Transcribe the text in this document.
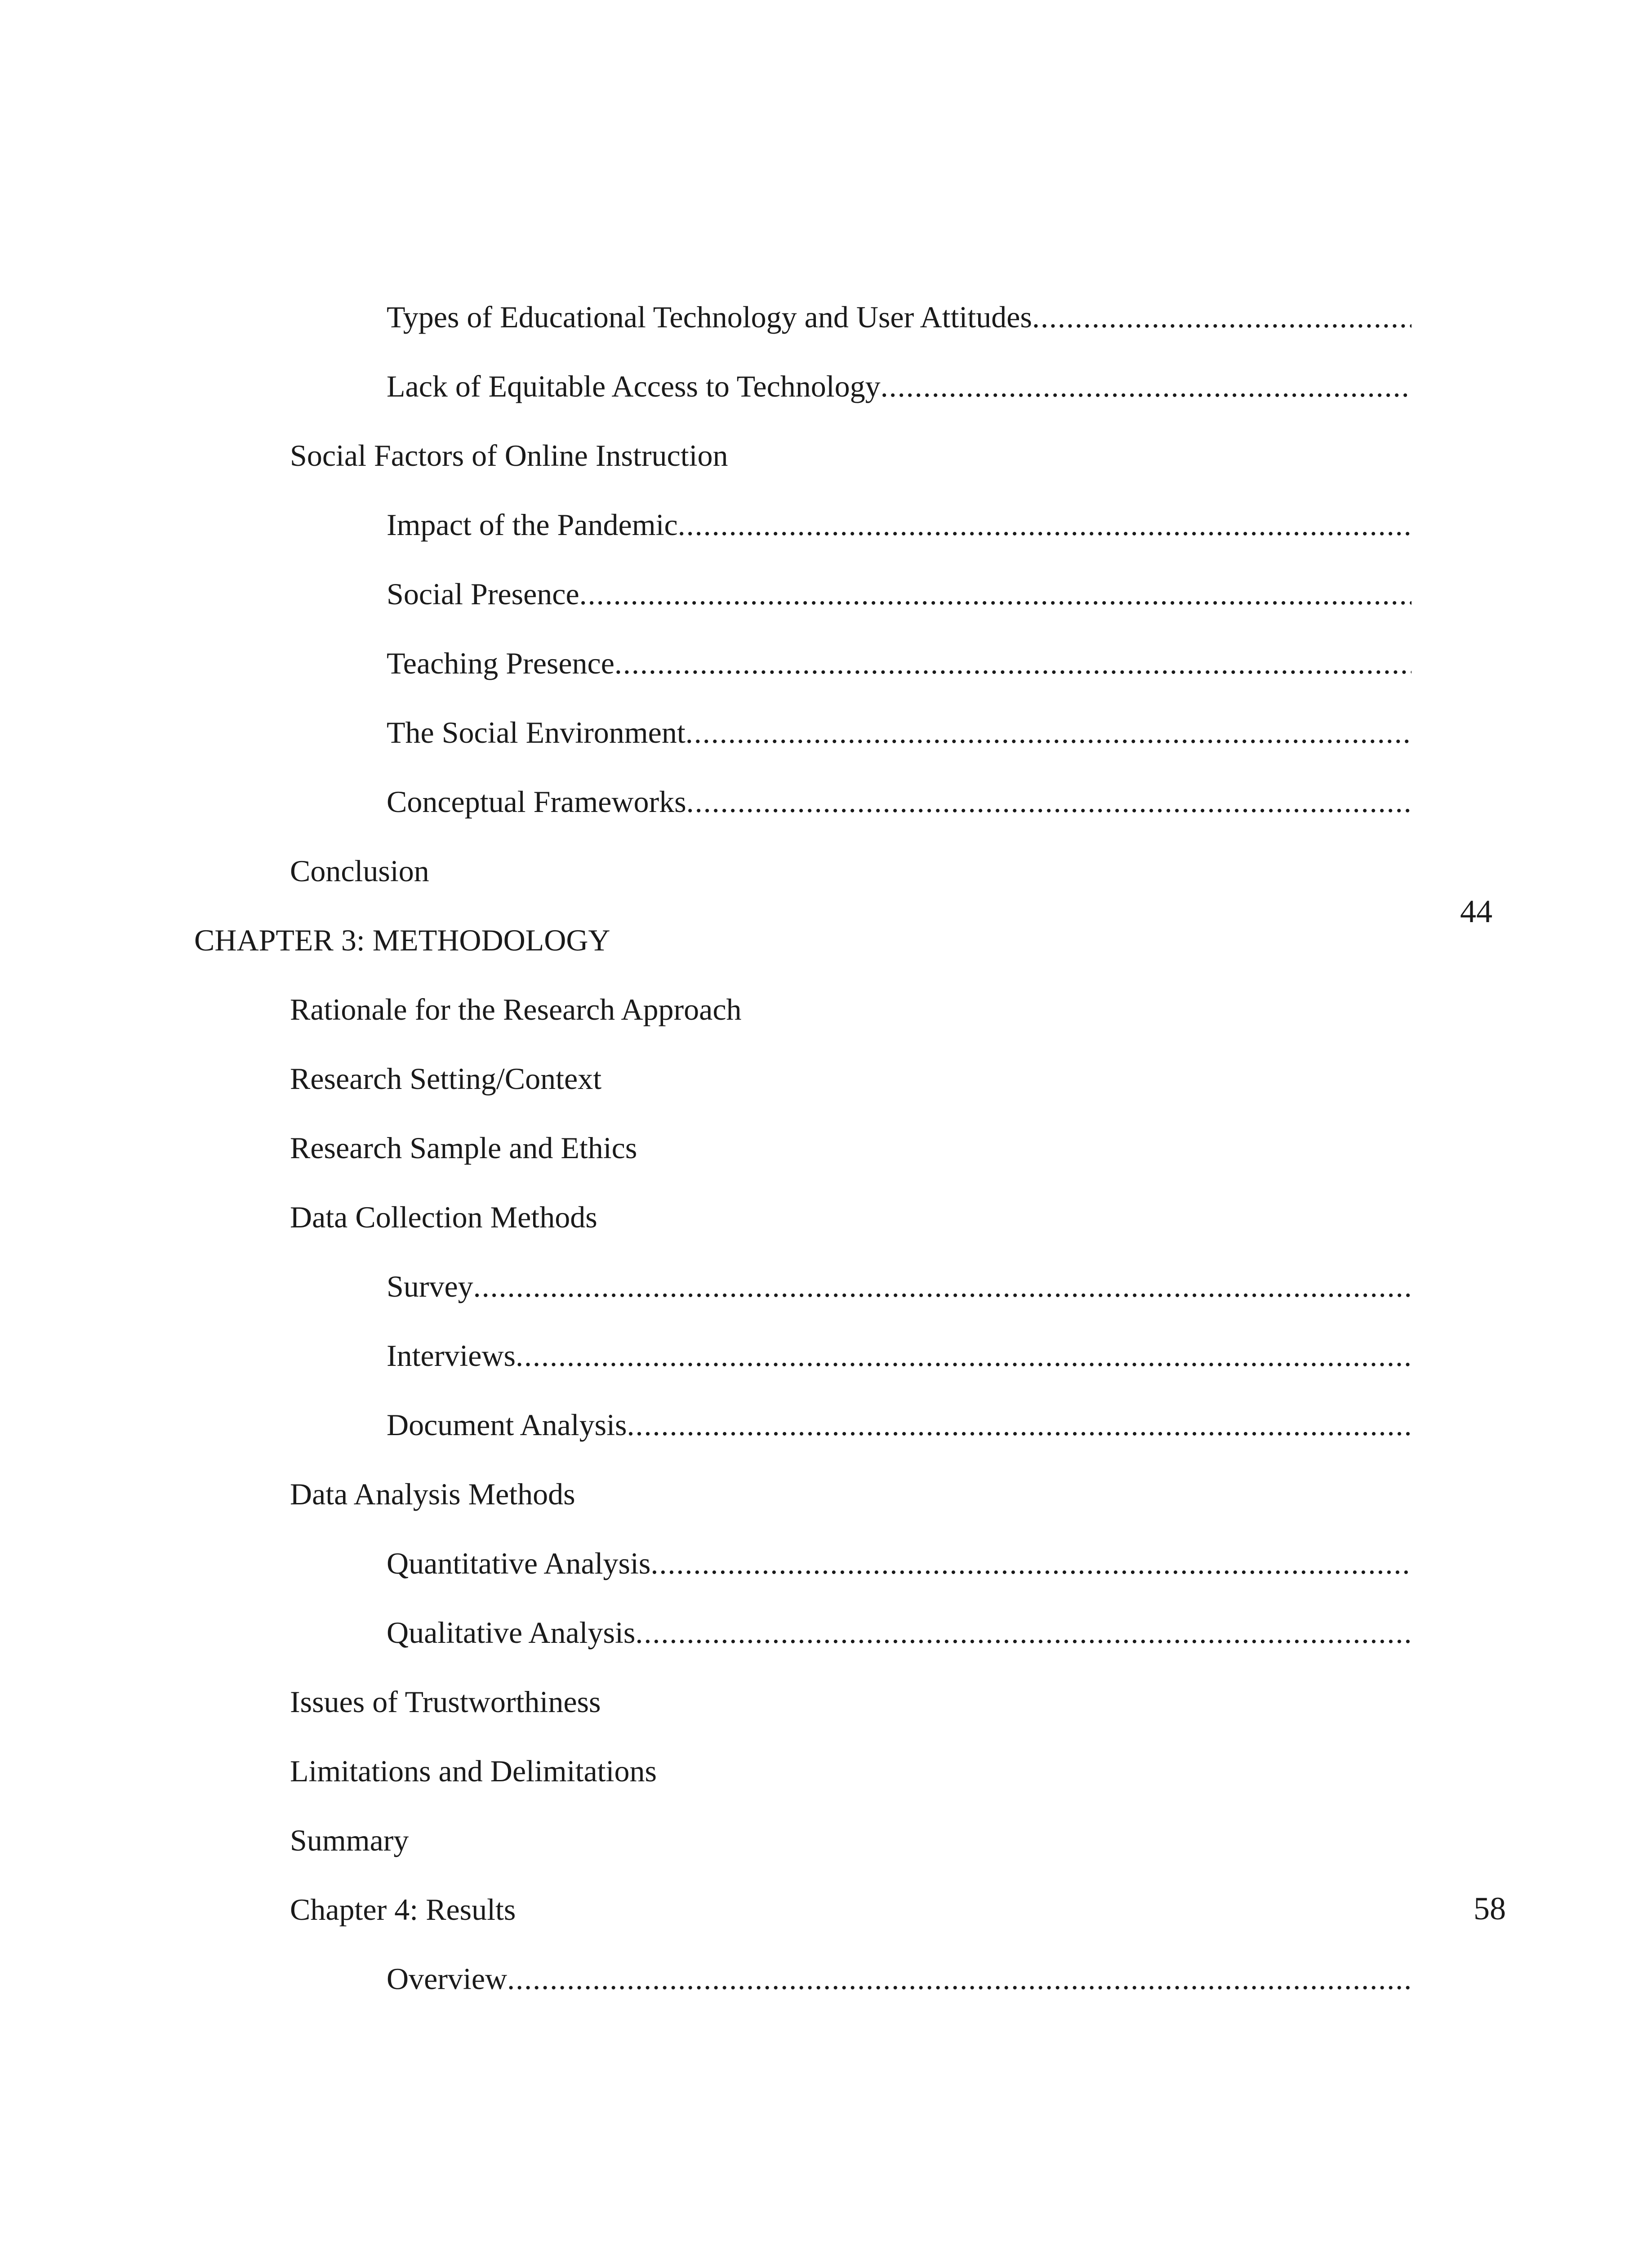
Types of Educational Technology and User Attitudes
.....
Lack of Equitable Access to Technology
.....
Social Factors of Online Instruction
Impact of the Pandemic
.....
Social Presence
.....
Teaching Presence
.....
The Social Environment
.....
Conceptual Frameworks
.....
Conclusion
CHAPTER 3: METHODOLOGY
Rationale for the Research Approach
Research Setting/Context
Research Sample and Ethics
Data Collection Methods
Survey
.....
Interviews
.....
Document Analysis
.....
Data Analysis Methods
Quantitative Analysis
.....
Qualitative Analysis
.....
Issues of Trustworthiness
Limitations and Delimitations
Summary
Chapter 4: Results
Overview
.....
44
58
